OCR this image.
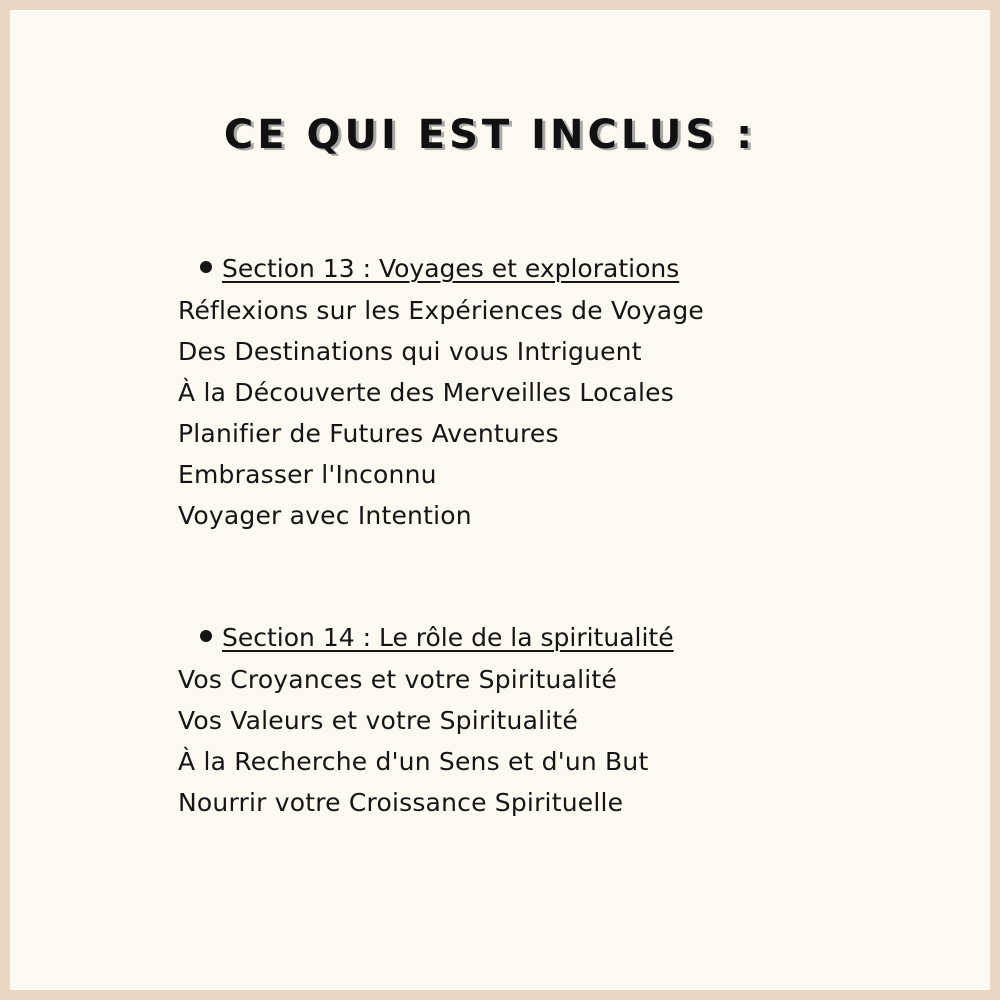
CE QUI EST INCLUS :
Section 13 : Voyages et explorations
Réflexions sur les Expériences de Voyage
Des Destinations qui vous Intriguent
À la Découverte des Merveilles Locales
Planifier de Futures Aventures
Embrasser l'Inconnu
Voyager avec Intention
Section 14 : Le rôle de la spiritualité
Vos Croyances et votre Spiritualité
Vos Valeurs et votre Spiritualité
À la Recherche d'un Sens et d'un But
Nourrir votre Croissance Spirituelle
